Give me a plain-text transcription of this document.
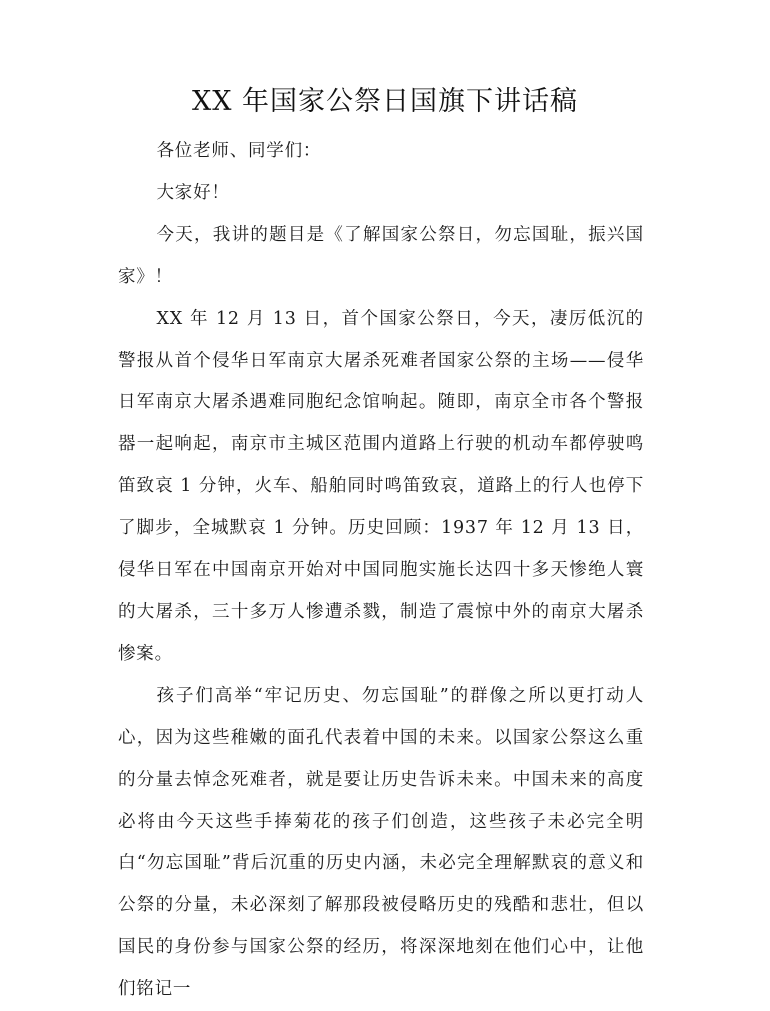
XX 年国家公祭日国旗下讲话稿

各位老师、同学们：

大家好！

今天，我讲的题目是《了解国家公祭日，勿忘国耻，振兴国家》！

XX 年 12 月 13 日，首个国家公祭日，今天，凄厉低沉的警报从首个侵华日军南京大屠杀死难者国家公祭的主场——侵华日军南京大屠杀遇难同胞纪念馆响起。随即，南京全市各个警报器一起响起，南京市主城区范围内道路上行驶的机动车都停驶鸣笛致哀 1 分钟，火车、船舶同时鸣笛致哀，道路上的行人也停下了脚步，全城默哀 1 分钟。历史回顾：1937 年 12 月 13 日，侵华日军在中国南京开始对中国同胞实施长达四十多天惨绝人寰的大屠杀，三十多万人惨遭杀戮，制造了震惊中外的南京大屠杀惨案。

孩子们高举“牢记历史、勿忘国耻”的群像之所以更打动人心，因为这些稚嫩的面孔代表着中国的未来。以国家公祭这么重的分量去悼念死难者，就是要让历史告诉未来。中国未来的高度必将由今天这些手捧菊花的孩子们创造，这些孩子未必完全明白“勿忘国耻”背后沉重的历史内涵，未必完全理解默哀的意义和公祭的分量，未必深刻了解那段被侵略历史的残酷和悲壮，但以国民的身份参与国家公祭的经历，将深深地刻在他们心中，让他们铭记一
